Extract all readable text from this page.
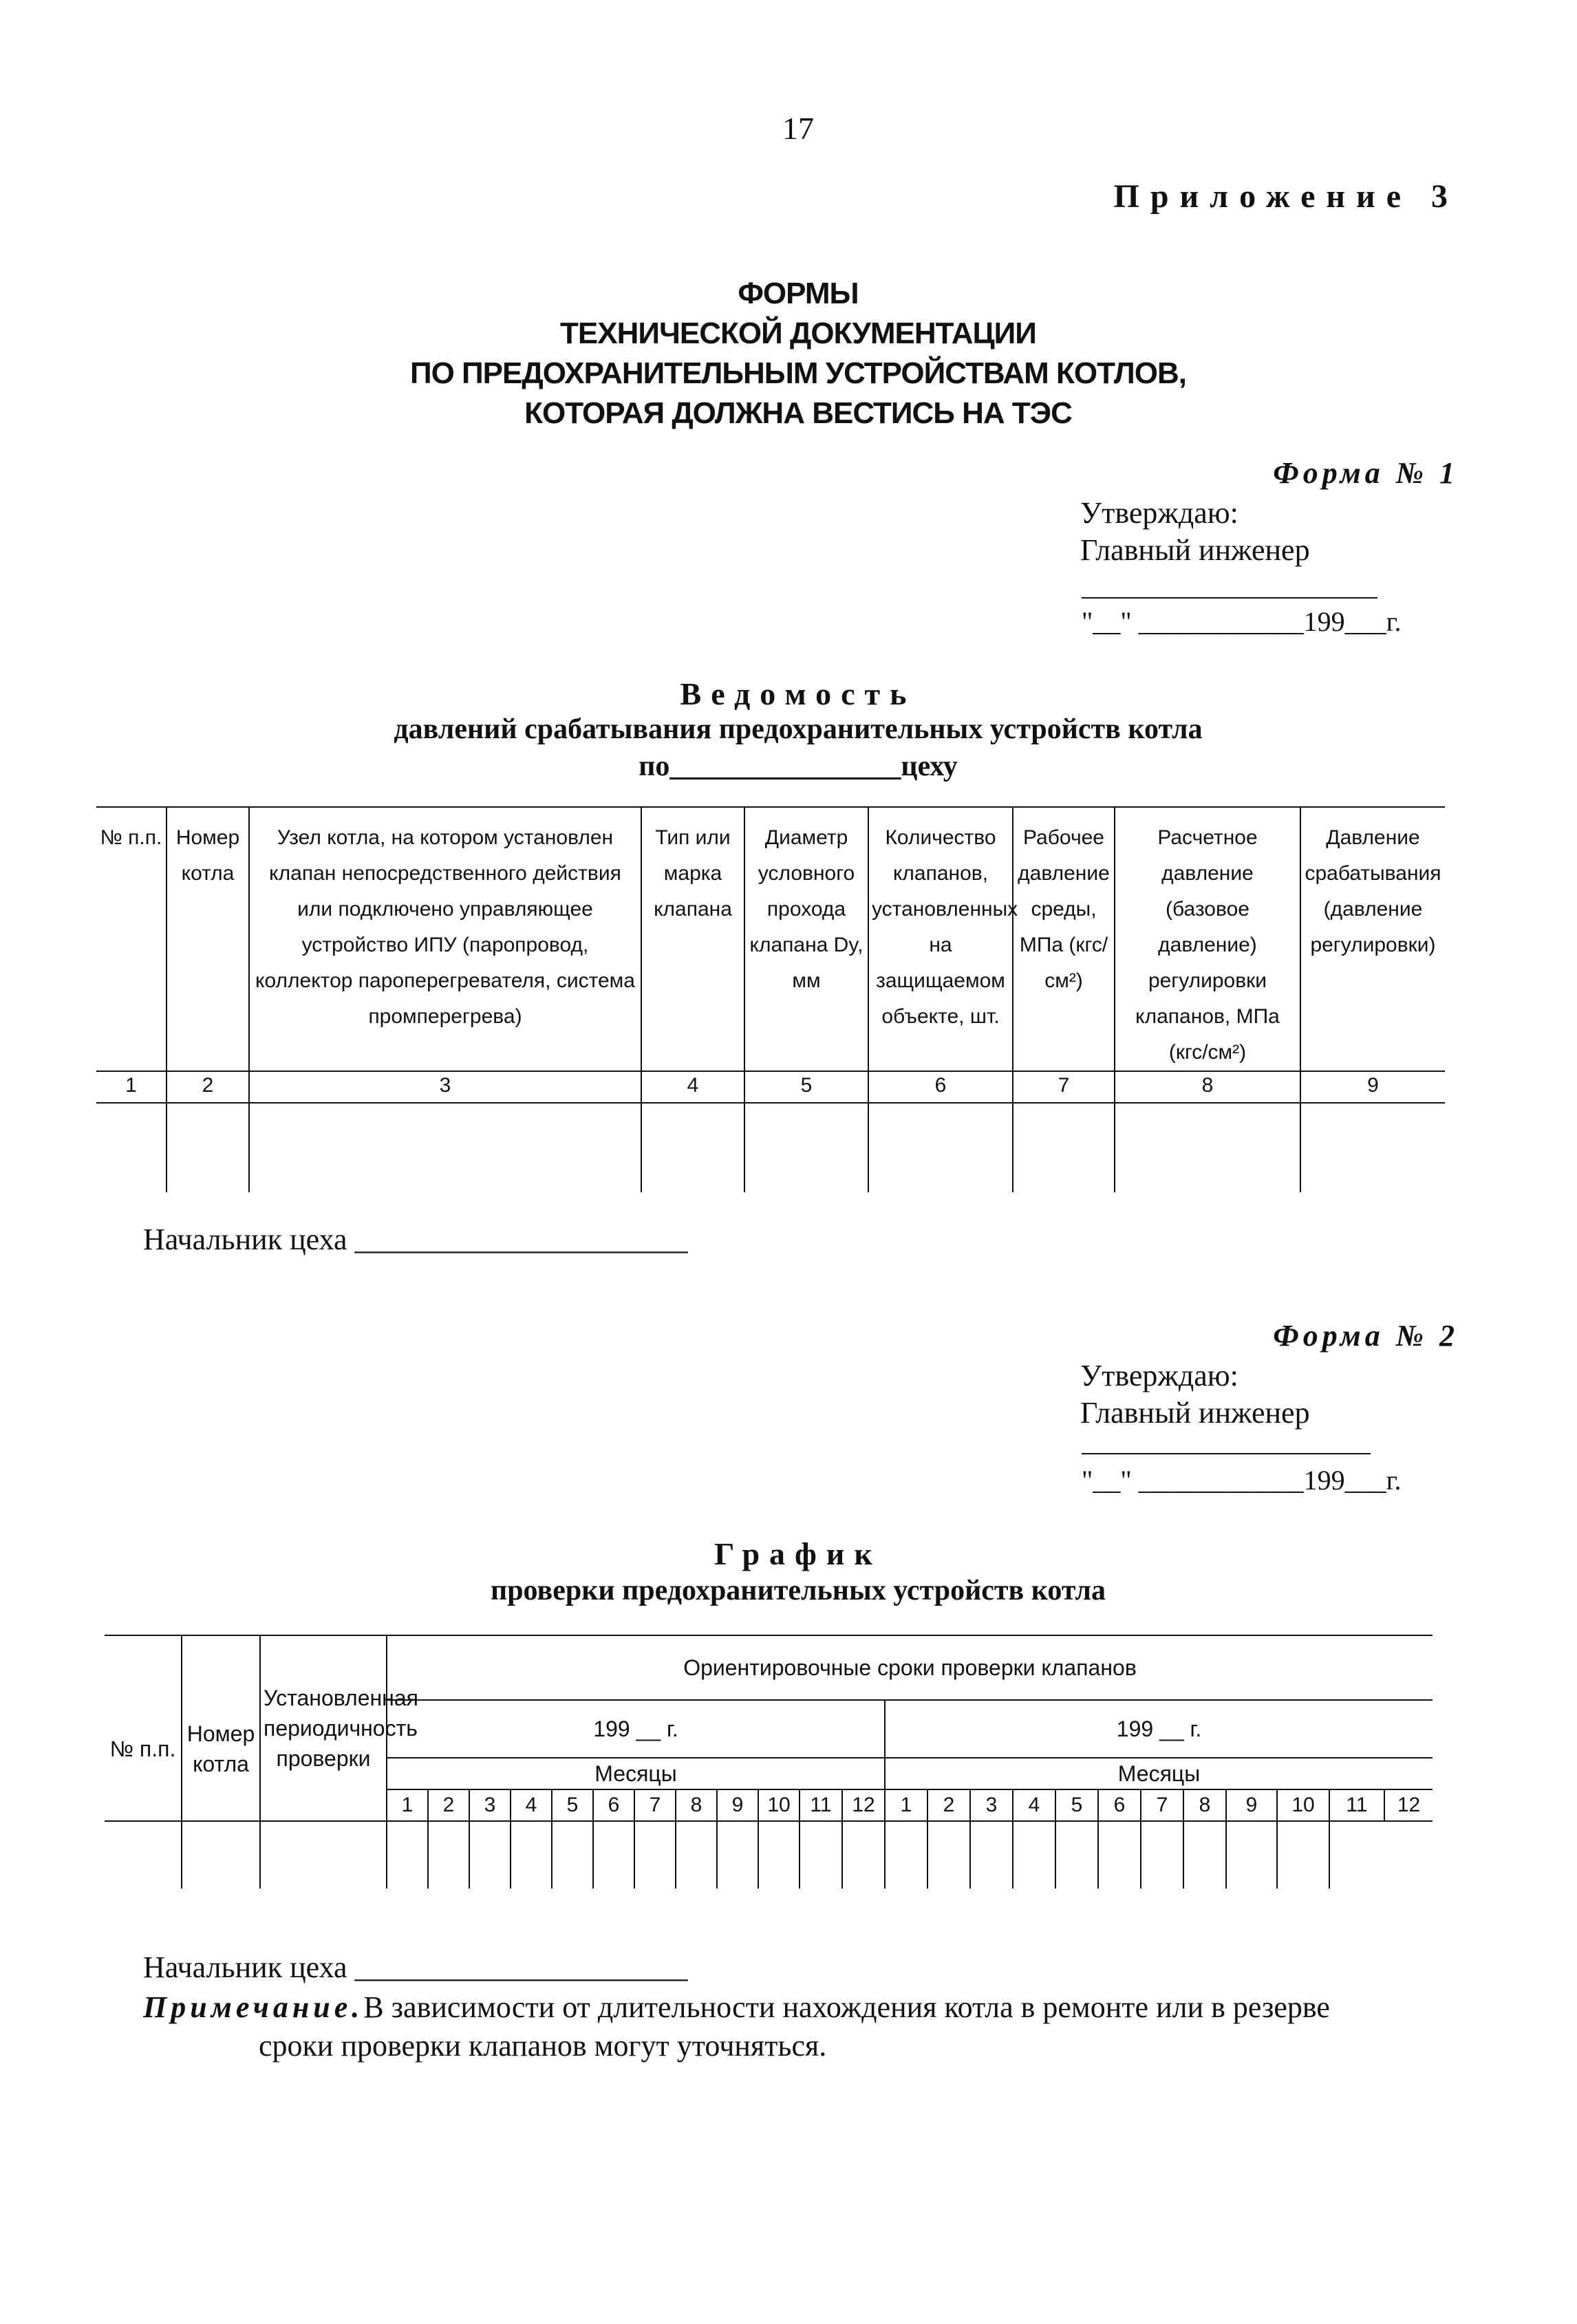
17
Приложение 3
ФОРМЫ
ТЕХНИЧЕСКОЙ ДОКУМЕНТАЦИИ
ПО ПРЕДОХРАНИТЕЛЬНЫМ УСТРОЙСТВАМ КОТЛОВ,
КОТОРАЯ ДОЛЖНА ВЕСТИСЬ НА ТЭС
Форма № 1
Утверждаю:
Главный инженер
"__" ____________199___г.
Ведомость
давлений срабатывания предохранительных устройств котла
по________________цеху
№ п.п.	Номер котла	Узел котла, на котором установлен клапан непосредственного действия или подключено управляющее устройство ИПУ (паропровод, коллектор пароперегревателя, система промперегрева)	Тип или марка клапана	Диаметр условного прохода клапана Dy, мм	Количество клапанов, установленных на защищаемом объекте, шт.	Рабочее давление среды, МПа (кгс/см²)	Расчетное давление (базовое давление) регулировки клапанов, МПа (кгс/см²)	Давление срабатывания (давление регулировки)
1	2	3	4	5	6	7	8	9

Начальник цеха ______________________
Форма № 2
Утверждаю:
Главный инженер
"__" ____________199___г.
График
проверки предохранительных устройств котла
№ п.п.	Номер котла	Установленная периодичность проверки	Ориентировочные сроки проверки клапанов																							
			199 __ г.												199 __ г.											
			Месяцы												Месяцы											
			1	2	3	4	5	6	7	8	9	10	11	12	1	2	3	4	5	6	7	8	9	10	11	12

Начальник цеха ______________________
Примечание.В зависимости от длительности нахождения котла в ремонте или в резерве
сроки проверки клапанов могут уточняться.
